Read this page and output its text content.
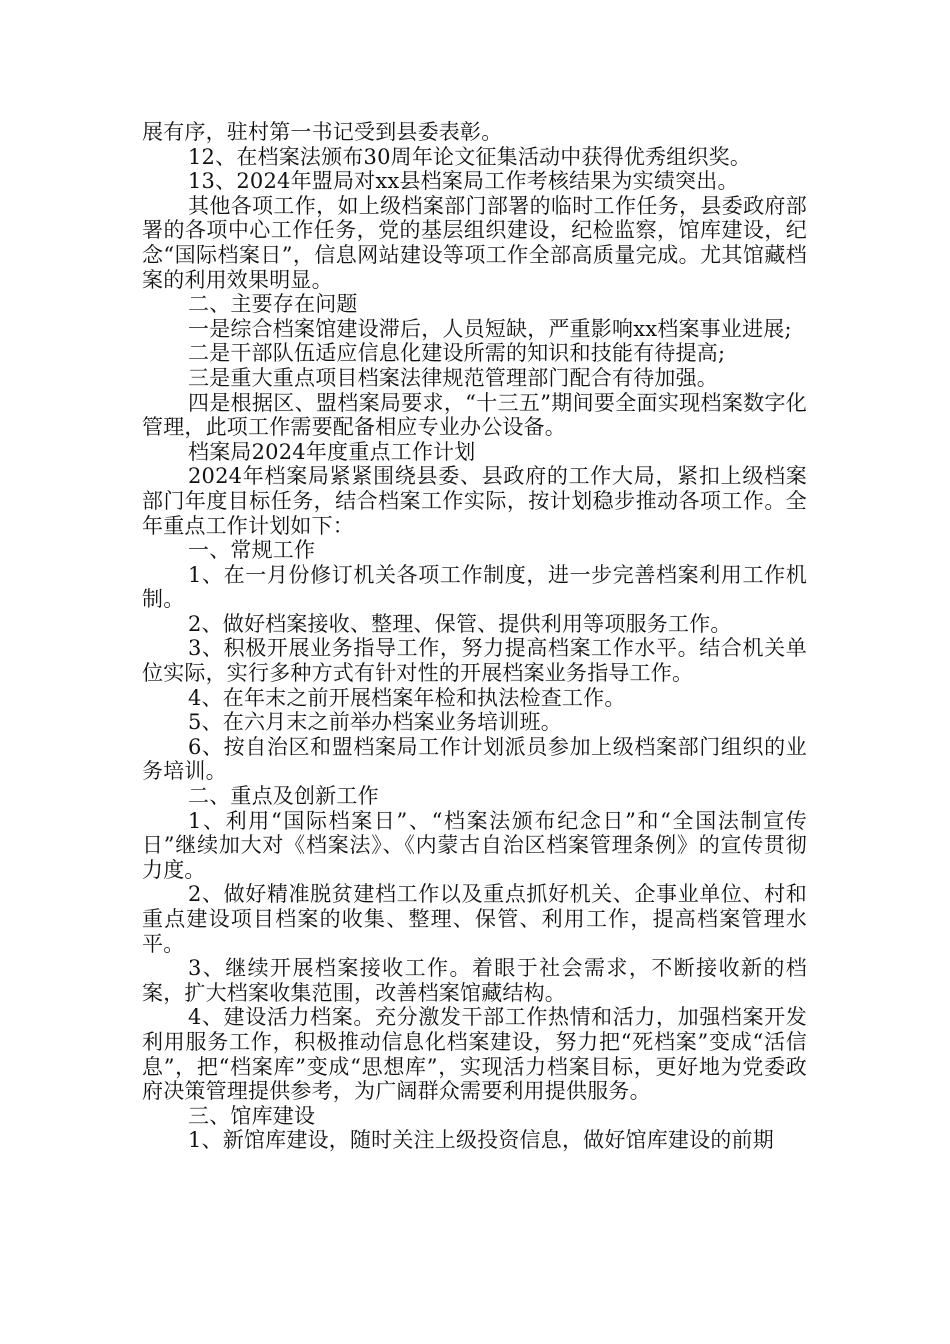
展有序，驻村第一书记受到县委表彰。

12、在档案法颁布30周年论文征集活动中获得优秀组织奖。

13、2024年盟局对xx县档案局工作考核结果为实绩突出。

其他各项工作，如上级档案部门部署的临时工作任务，县委政府部署的各项中心工作任务，党的基层组织建设，纪检监察，馆库建设，纪念“国际档案日”，信息网站建设等项工作全部高质量完成。尤其馆藏档案的利用效果明显。

二、主要存在问题

一是综合档案馆建设滞后，人员短缺，严重影响xx档案事业进展;

二是干部队伍适应信息化建设所需的知识和技能有待提高;

三是重大重点项目档案法律规范管理部门配合有待加强。

四是根据区、盟档案局要求，“十三五”期间要全面实现档案数字化管理，此项工作需要配备相应专业办公设备。

档案局2024年度重点工作计划

2024年档案局紧紧围绕县委、县政府的工作大局，紧扣上级档案部门年度目标任务，结合档案工作实际，按计划稳步推动各项工作。全年重点工作计划如下：

一、常规工作

1、在一月份修订机关各项工作制度，进一步完善档案利用工作机制。

2、做好档案接收、整理、保管、提供利用等项服务工作。

3、积极开展业务指导工作，努力提高档案工作水平。结合机关单位实际，实行多种方式有针对性的开展档案业务指导工作。

4、在年末之前开展档案年检和执法检查工作。

5、在六月末之前举办档案业务培训班。

6、按自治区和盟档案局工作计划派员参加上级档案部门组织的业务培训。

二、重点及创新工作

1、利用“国际档案日”、“档案法颁布纪念日”和“全国法制宣传日”继续加大对《档案法》、《内蒙古自治区档案管理条例》的宣传贯彻力度。

2、做好精准脱贫建档工作以及重点抓好机关、企事业单位、村和重点建设项目档案的收集、整理、保管、利用工作，提高档案管理水平。

3、继续开展档案接收工作。着眼于社会需求，不断接收新的档案，扩大档案收集范围，改善档案馆藏结构。

4、建设活力档案。充分激发干部工作热情和活力，加强档案开发利用服务工作，积极推动信息化档案建设，努力把“死档案”变成“活信息”，把“档案库”变成“思想库”，实现活力档案目标，更好地为党委政府决策管理提供参考，为广阔群众需要利用提供服务。

三、馆库建设

1、新馆库建设，随时关注上级投资信息，做好馆库建设的前期
